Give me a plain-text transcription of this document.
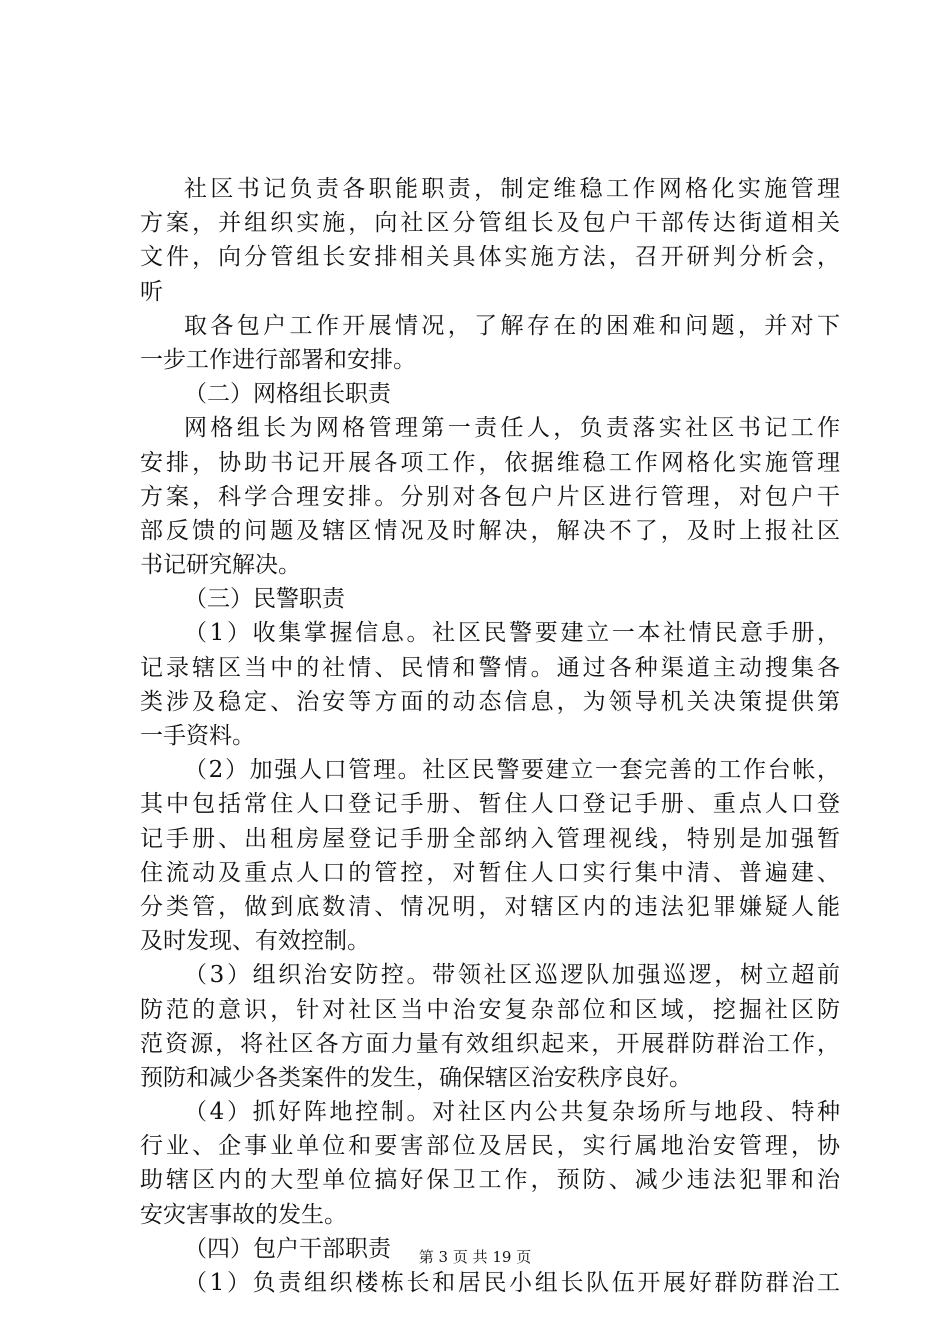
社区书记负责各职能职责，制定维稳工作网格化实施管理
方案，并组织实施，向社区分管组长及包户干部传达街道相关
文件，向分管组长安排相关具体实施方法，召开研判分析会，
听
取各包户工作开展情况，了解存在的困难和问题，并对下
一步工作进行部署和安排。
（二）网格组长职责
网格组长为网格管理第一责任人，负责落实社区书记工作
安排，协助书记开展各项工作，依据维稳工作网格化实施管理
方案，科学合理安排。分别对各包户片区进行管理，对包户干
部反馈的问题及辖区情况及时解决，解决不了，及时上报社区
书记研究解决。
（三）民警职责
（1）收集掌握信息。社区民警要建立一本社情民意手册，
记录辖区当中的社情、民情和警情。通过各种渠道主动搜集各
类涉及稳定、治安等方面的动态信息，为领导机关决策提供第
一手资料。
（2）加强人口管理。社区民警要建立一套完善的工作台帐，
其中包括常住人口登记手册、暂住人口登记手册、重点人口登
记手册、出租房屋登记手册全部纳入管理视线，特别是加强暂
住流动及重点人口的管控，对暂住人口实行集中清、普遍建、
分类管，做到底数清、情况明，对辖区内的违法犯罪嫌疑人能
及时发现、有效控制。
（3）组织治安防控。带领社区巡逻队加强巡逻，树立超前
防范的意识，针对社区当中治安复杂部位和区域，挖掘社区防
范资源，将社区各方面力量有效组织起来，开展群防群治工作，
预防和减少各类案件的发生，确保辖区治安秩序良好。
（4）抓好阵地控制。对社区内公共复杂场所与地段、特种
行业、企事业单位和要害部位及居民，实行属地治安管理，协
助辖区内的大型单位搞好保卫工作，预防、减少违法犯罪和治
安灾害事故的发生。
（四）包户干部职责
（1）负责组织楼栋长和居民小组长队伍开展好群防群治工
第 3 页 共 19 页
